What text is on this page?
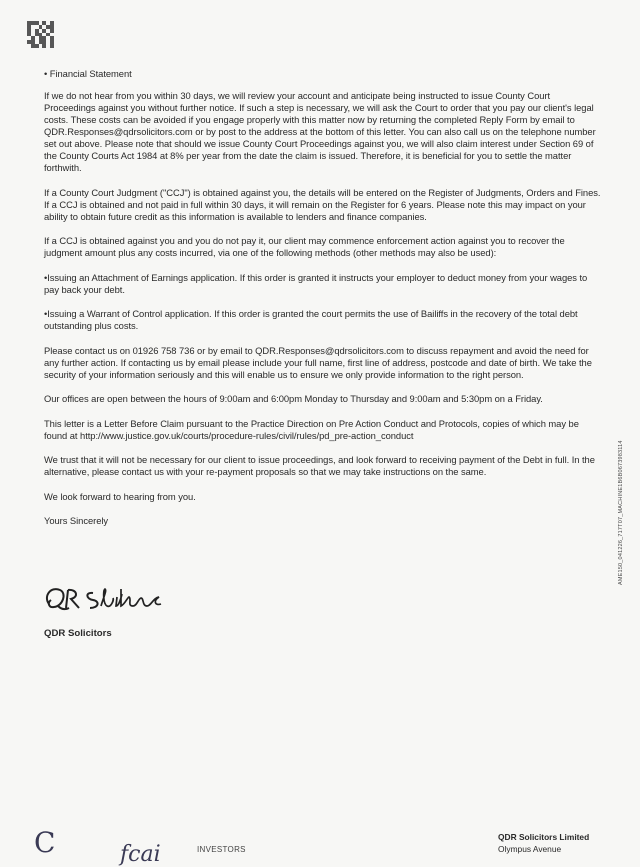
• Financial Statement

If we do not hear from you within 30 days, we will review your account and anticipate being instructed to issue County Court Proceedings against you without further notice. If such a step is necessary, we will ask the Court to order that you pay our client's legal costs. These costs can be avoided if you engage properly with this matter now by returning the completed Reply Form by email to QDR.Responses@qdrsolicitors.com or by post to the address at the bottom of this letter. You can also call us on the telephone number set out above. Please note that should we issue County Court Proceedings against you, we will also claim interest under Section 69 of the County Courts Act 1984 at 8% per year from the date the claim is issued. Therefore, it is beneficial for you to settle the matter forthwith.

If a County Court Judgment ("CCJ") is obtained against you, the details will be entered on the Register of Judgments, Orders and Fines. If a CCJ is obtained and not paid in full within 30 days, it will remain on the Register for 6 years. Please note this may impact on your ability to obtain future credit as this information is available to lenders and finance companies.

If a CCJ is obtained against you and you do not pay it, our client may commence enforcement action against you to recover the judgment amount plus any costs incurred, via one of the following methods (other methods may also be used):

•Issuing an Attachment of Earnings application. If this order is granted it instructs your employer to deduct money from your wages to pay back your debt.

•Issuing a Warrant of Control application. If this order is granted the court permits the use of Bailiffs in the recovery of the total debt outstanding plus costs.

Please contact us on 01926 758 736 or by email to QDR.Responses@qdrsolicitors.com to discuss repayment and avoid the need for any further action. If contacting us by email please include your full name, first line of address, postcode and date of birth. We take the security of your information seriously and this will enable us to ensure we only provide information to the right person.

Our offices are open between the hours of 9:00am and 6:00pm Monday to Thursday and 9:00am and 5:30pm on a Friday.

This letter is a Letter Before Claim pursuant to the Practice Direction on Pre Action Conduct and Protocols, copies of which may be found at http://www.justice.gov.uk/courts/procedure-rules/civil/rules/pd_pre-action_conduct

We trust that it will not be necessary for our client to issue proceedings, and look forward to receiving payment of the Debt in full. In the alternative, please contact us with your re-payment proposals so that we may take instructions on the same.

We look forward to hearing from you.

Yours Sincerely

QDR Solicitors
AME150_041226_717T07_MACHINE1B6B0673983114
C	fcai	INVESTORS
QDR Solicitors Limited
Olympus Avenue
